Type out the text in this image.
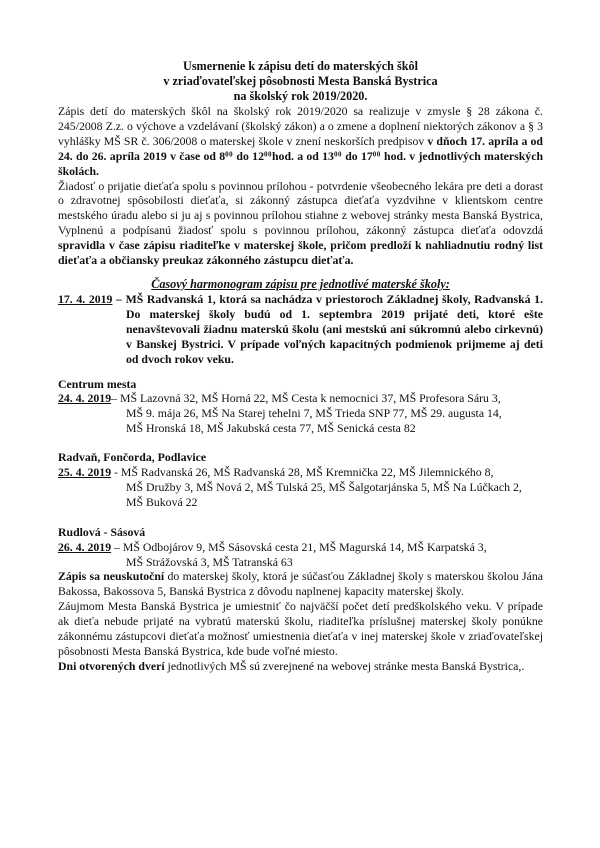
Usmernenie k zápisu detí do materských škôl
v zriaďovateľskej pôsobnosti Mesta Banská Bystrica
na školský rok 2019/2020.

Zápis detí do materských škôl na školský rok 2019/2020 sa realizuje v zmysle § 28 zákona č. 245/2008 Z.z. o výchove a vzdelávaní (školský zákon) a o zmene a doplnení niektorých zákonov a § 3 vyhlášky MŠ SR č. 306/2008 o materskej škole v znení neskorších predpisov v dňoch 17. apríla a od 24. do 26. apríla 2019 v čase od $8^{00}$ do $12^{00}hod$. a od $13^{00}$ do $17^{00}$ hod. v jednotlivých materských školách.

Žiadosť o prijatie dieťaťa spolu s povinnou prílohou - potvrdenie všeobecného lekára pre deti a dorast o zdravotnej spôsobilosti dieťaťa, si zákonný zástupca dieťaťa vyzdvihne v klientskom centre mestského úradu alebo si ju aj s povinnou prílohou stiahne z webovej stránky mesta Banská Bystrica, Vyplnenú a podpísanú žiadosť spolu s povinnou prílohou, zákonný zástupca dieťaťa odovzdá spravidla v čase zápisu riaditeľke v materskej škole, pričom predloží k nahliadnutiu rodný list dieťaťa a občiansky preukaz zákonného zástupcu dieťaťa.

Časový harmonogram zápisu pre jednotlivé materské školy:

17. 4. 2019 – MŠ Radvanská 1, ktorá sa nachádza v priestoroch Základnej školy, Radvanská 1. Do materskej školy budú od 1. septembra 2019 prijaté deti, ktoré ešte nenavštevovali žiadnu materskú školu (ani mestskú ani súkromnú alebo cirkevnú) v Banskej Bystrici. V prípade voľných kapacitných podmienok prijmeme aj deti od dvoch rokov veku.

Centrum mesta

24. 4. 2019– MŠ Lazovná 32, MŠ Horná 22, MŠ Cesta k nemocnici 37, MŠ Profesora Sáru 3,
MŠ 9. mája 26, MŠ Na Starej tehelni 7, MŠ Trieda SNP 77, MŠ 29. augusta 14,
MŠ Hronská 18, MŠ Jakubská cesta 77, MŠ Senická cesta 82

Radvaň, Fončorda, Podlavice

25. 4. 2019 - MŠ Radvanská 26, MŠ Radvanská 28, MŠ Kremnička 22, MŠ Jilemnického 8,
MŠ Družby 3, MŠ Nová 2, MŠ Tulská 25, MŠ Šalgotarjánska 5, MŠ Na Lúčkach 2,
MŠ Buková 22

Rudlová - Sásová

26. 4. 2019 – MŠ Odbojárov 9, MŠ Sásovská cesta 21, MŠ Magurská 14, MŠ Karpatská 3,
MŠ Strážovská 3, MŠ Tatranská 63

Zápis sa neuskutoční do materskej školy, ktorá je súčasťou Základnej školy s materskou školou Jána Bakossa, Bakossova 5, Banská Bystrica z dôvodu naplnenej kapacity materskej školy.

Záujmom Mesta Banská Bystrica je umiestniť čo najväčší počet detí predškolského veku. V prípade ak dieťa nebude prijaté na vybratú materskú školu, riaditeľka príslušnej materskej školy ponúkne zákonnému zástupcovi dieťaťa možnosť umiestnenia dieťaťa v inej materskej škole v zriaďovateľskej pôsobnosti Mesta Banská Bystrica, kde bude voľné miesto.

Dni otvorených dverí jednotlivých MŠ sú zverejnené na webovej stránke mesta Banská Bystrica,.
